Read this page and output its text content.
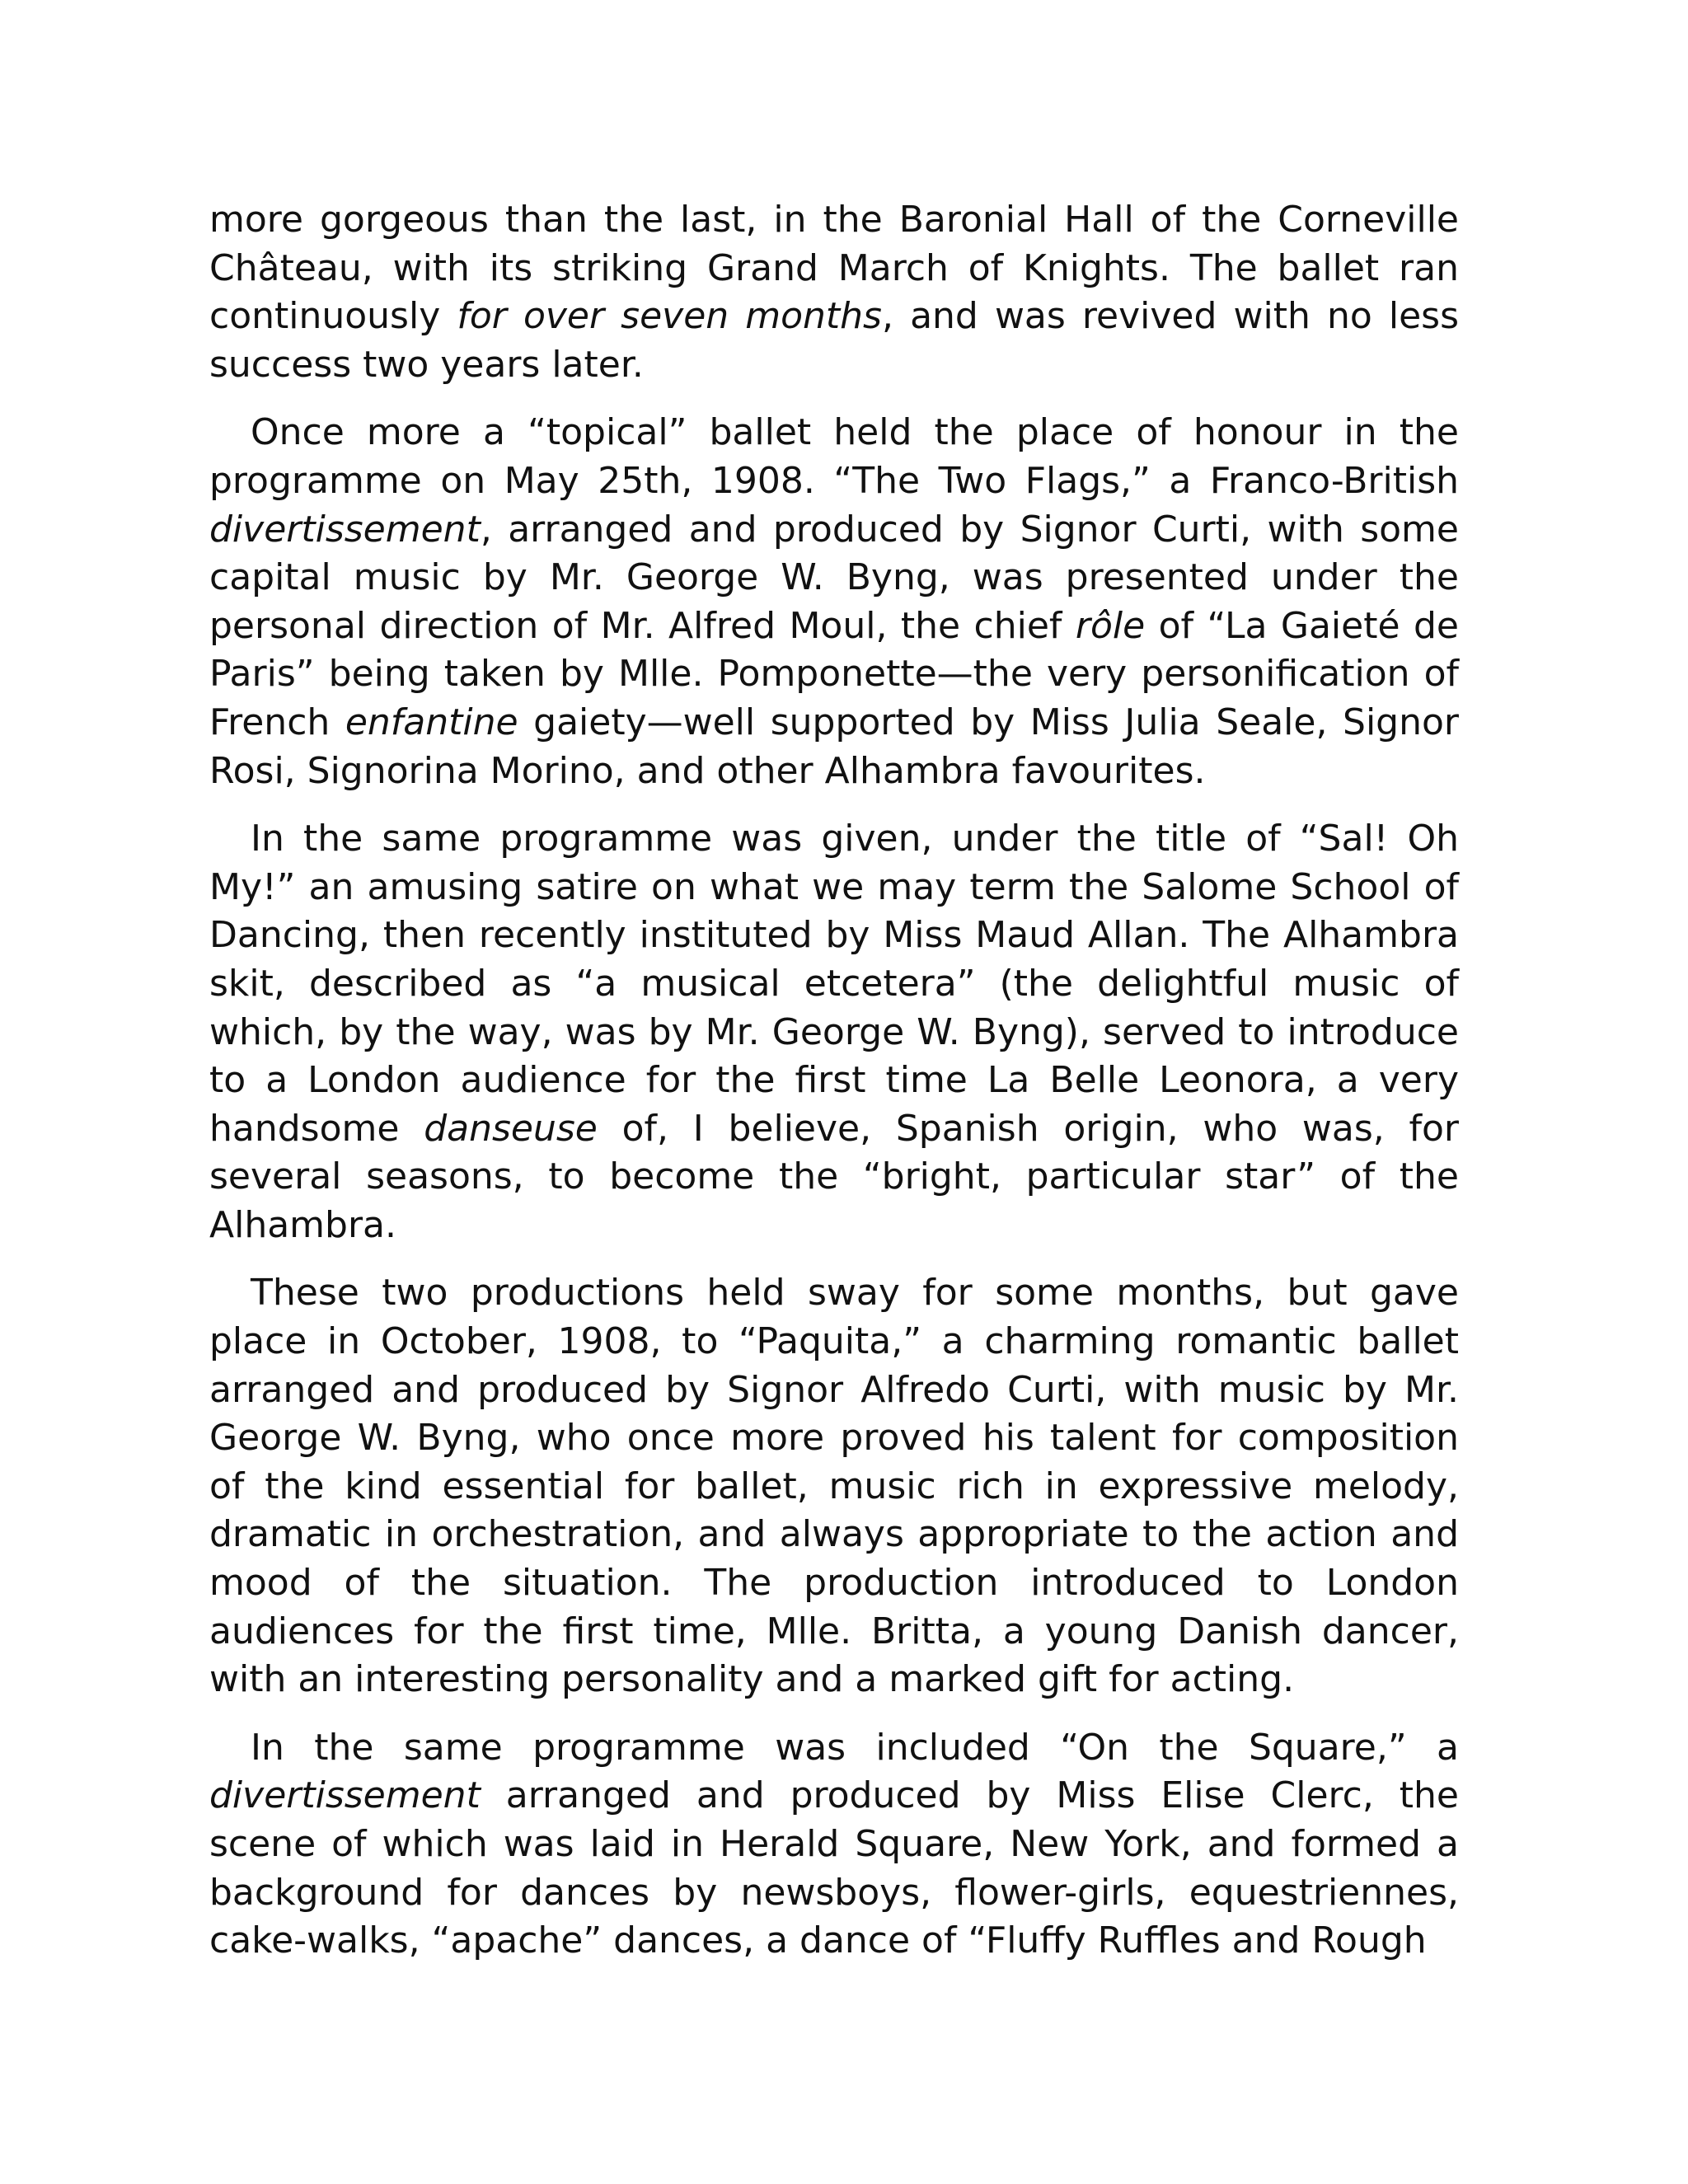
more gorgeous than the last, in the Baronial Hall of the Corneville Château, with its striking Grand March of Knights. The ballet ran continuously for over seven months, and was revived with no less success two years later.

Once more a “topical” ballet held the place of honour in the programme on May 25th, 1908. “The Two Flags,” a Franco-British divertissement, arranged and produced by Signor Curti, with some capital music by Mr. George W. Byng, was presented under the personal direction of Mr. Alfred Moul, the chief rôle of “La Gaieté de Paris” being taken by Mlle. Pomponette—the very personification of French enfantine gaiety—well supported by Miss Julia Seale, Signor Rosi, Signorina Morino, and other Alhambra favourites.

In the same programme was given, under the title of “Sal! Oh My!” an amusing satire on what we may term the Salome School of Dancing, then recently instituted by Miss Maud Allan. The Alhambra skit, described as “a musical etcetera” (the delightful music of which, by the way, was by Mr. George W. Byng), served to introduce to a London audience for the first time La Belle Leonora, a very handsome danseuse of, I believe, Spanish origin, who was, for several seasons, to become the “bright, particular star” of the Alhambra.

These two productions held sway for some months, but gave place in October, 1908, to “Paquita,” a charming romantic ballet arranged and produced by Signor Alfredo Curti, with music by Mr. George W. Byng, who once more proved his talent for composition of the kind essential for ballet, music rich in expressive melody, dramatic in orchestration, and always appropriate to the action and mood of the situation. The production introduced to London audiences for the first time, Mlle. Britta, a young Danish dancer, with an interesting personality and a marked gift for acting.

In the same programme was included “On the Square,” a divertissement arranged and produced by Miss Elise Clerc, the scene of which was laid in Herald Square, New York, and formed a background for dances by newsboys, flower-girls, equestriennes, cake-walks, “apache” dances, a dance of “Fluffy Ruffles and Rough
